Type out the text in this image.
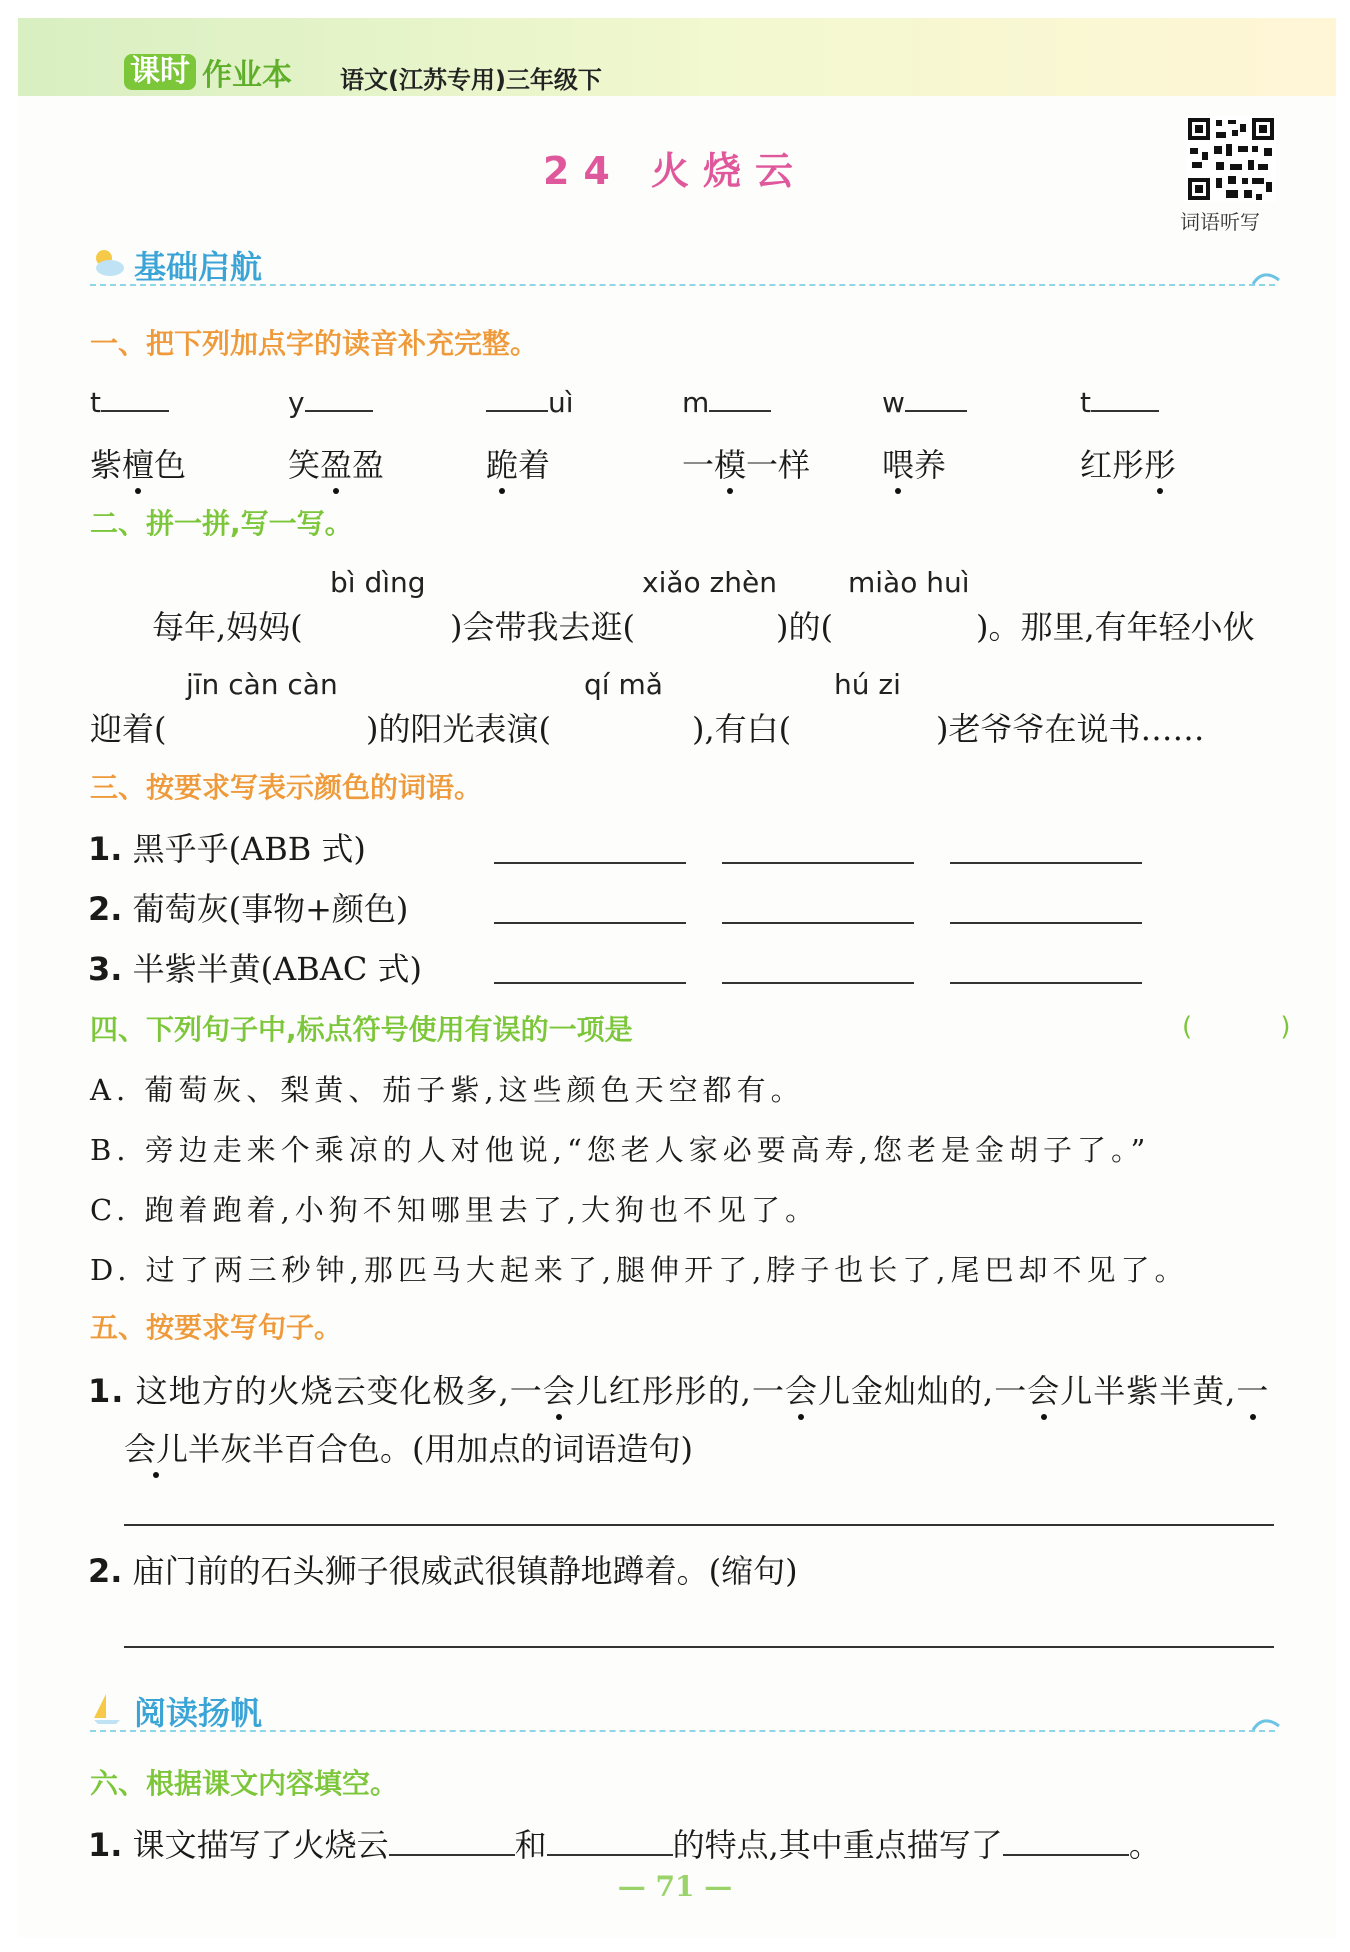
课时 作业本 语文(江苏专用)三年级下
24 火烧云
词语听写
基础启航
一、把下列加点字的读音补充完整。
t	y	uì	m	w	t
紫檀色	笑盈盈	跪着	一模一样 喂养	红彤彤
二、拼一拼,写一写。
bì dìng	xiǎo zhèn	miào huì
每年,妈妈(	)会带我去逛(	)的(	)。那里,有年轻小伙
jīn càn càn	qí mǎ	hú zi
迎着(	)的阳光表演(	),有白(	)老爷爷在说书……
三、按要求写表示颜色的词语。
1. 黑乎乎(ABB 式)
2. 葡萄灰(事物+颜色)
3. 半紫半黄(ABAC 式)
四、下列句子中,标点符号使用有误的一项是	( )
A. 葡萄灰、梨黄、茄子紫,这些颜色天空都有。
B. 旁边走来个乘凉的人对他说,“您老人家必要高寿,您老是金胡子了。”
C. 跑着跑着,小狗不知哪里去了,大狗也不见了。
D. 过了两三秒钟,那匹马大起来了,腿伸开了,脖子也长了,尾巴却不见了。
五、按要求写句子。
1. 这地方的火烧云变化极多,一会儿红彤彤的,一会儿金灿灿的,一会儿半紫半黄,一
会儿半灰半百合色。(用加点的词语造句)
2. 庙门前的石头狮子很威武很镇静地蹲着。(缩句)
阅读扬帆
六、根据课文内容填空。
1. 课文描写了火烧云	和	的特点,其中重点描写了	。
— 71 —
